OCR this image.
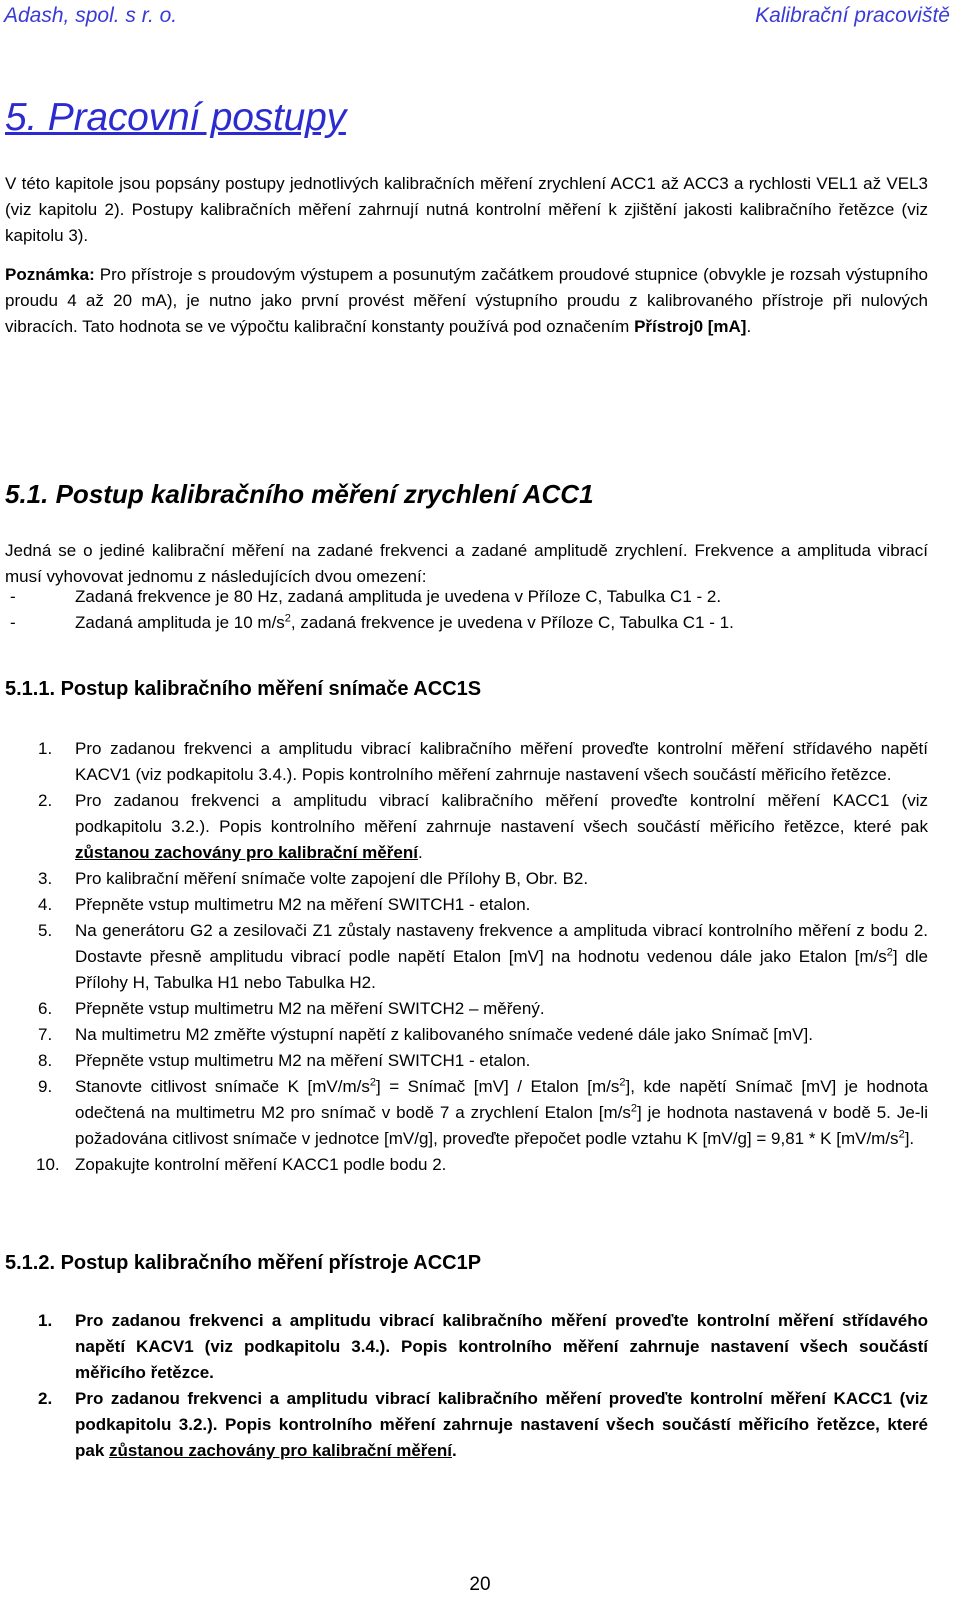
Adash, spol. s r. o.	Kalibrační pracoviště
5. Pracovní postupy

V této kapitole jsou popsány postupy jednotlivých kalibračních měření zrychlení ACC1 až ACC3 a rychlosti VEL1 až VEL3 (viz kapitolu 2). Postupy kalibračních měření zahrnují nutná kontrolní měření k zjištění jakosti kalibračního řetězce (viz kapitolu 3).

Poznámka: Pro přístroje s proudovým výstupem a posunutým začátkem proudové stupnice (obvykle je rozsah výstupního proudu 4 až 20 mA), je nutno jako první provést měření výstupního proudu z kalibrovaného přístroje při nulových vibracích. Tato hodnota se ve výpočtu kalibrační konstanty používá pod označením Přístroj0 [mA].

5.1. Postup kalibračního měření zrychlení ACC1

Jedná se o jediné kalibrační měření na zadané frekvenci a zadané amplitudě zrychlení. Frekvence a amplituda vibrací musí vyhovovat jednomu z následujících dvou omezení:

-	Zadaná frekvence je 80 Hz, zadaná amplituda je uvedena v Příloze C, Tabulka C1 - 2.
-	Zadaná amplituda je 10 $m/s^2$, zadaná frekvence je uvedena v Příloze C, Tabulka C1 - 1.
5.1.1. Postup kalibračního měření snímače ACC1S
1. Pro zadanou frekvenci a amplitudu vibrací kalibračního měření proveďte kontrolní měření střídavého napětí KACV1 (viz podkapitolu 3.4.). Popis kontrolního měření zahrnuje nastavení všech součástí měřicího řetězce.
2. Pro zadanou frekvenci a amplitudu vibrací kalibračního měření proveďte kontrolní měření KACC1 (viz podkapitolu 3.2.). Popis kontrolního měření zahrnuje nastavení všech součástí měřicího řetězce, které pak zůstanou zachovány pro kalibrační měření.
3. Pro kalibrační měření snímače volte zapojení dle Přílohy B, Obr. B2.
4. Přepněte vstup multimetru M2 na měření SWITCH1 - etalon.
5. Na generátoru G2 a zesilovači Z1 zůstaly nastaveny frekvence a amplituda vibrací kontrolního měření z bodu 2. Dostavte přesně amplitudu vibrací podle napětí Etalon [mV] na hodnotu vedenou dále jako Etalon $[m/s^2]$ dle Přílohy H, Tabulka H1 nebo Tabulka H2.
6. Přepněte vstup multimetru M2 na měření SWITCH2 – měřený.
7. Na multimetru M2 změřte výstupní napětí z kalibovaného snímače vedené dále jako Snímač [mV].
8. Přepněte vstup multimetru M2 na měření SWITCH1 - etalon.
9. Stanovte citlivost snímače K $[mV/m/s^2]$ = Snímač [mV] / Etalon $[m/s^2]$, kde napětí Snímač [mV] je hodnota odečtená na multimetru M2 pro snímač v bodě 7 a zrychlení Etalon $[m/s^2]$ je hodnota nastavená v bodě 5. Je-li požadována citlivost snímače v jednotce [mV/g], proveďte přepočet podle vztahu K [mV/g] = 9,81 * K $[mV/m/s^2]$.
10. Zopakujte kontrolní měření KACC1 podle bodu 2.
5.1.2. Postup kalibračního měření přístroje ACC1P
1. Pro zadanou frekvenci a amplitudu vibrací kalibračního měření proveďte kontrolní měření střídavého napětí KACV1 (viz podkapitolu 3.4.). Popis kontrolního měření zahrnuje nastavení všech součástí měřicího řetězce.
2. Pro zadanou frekvenci a amplitudu vibrací kalibračního měření proveďte kontrolní měření KACC1 (viz podkapitolu 3.2.). Popis kontrolního měření zahrnuje nastavení všech součástí měřicího řetězce, které pak zůstanou zachovány pro kalibrační měření.
20
